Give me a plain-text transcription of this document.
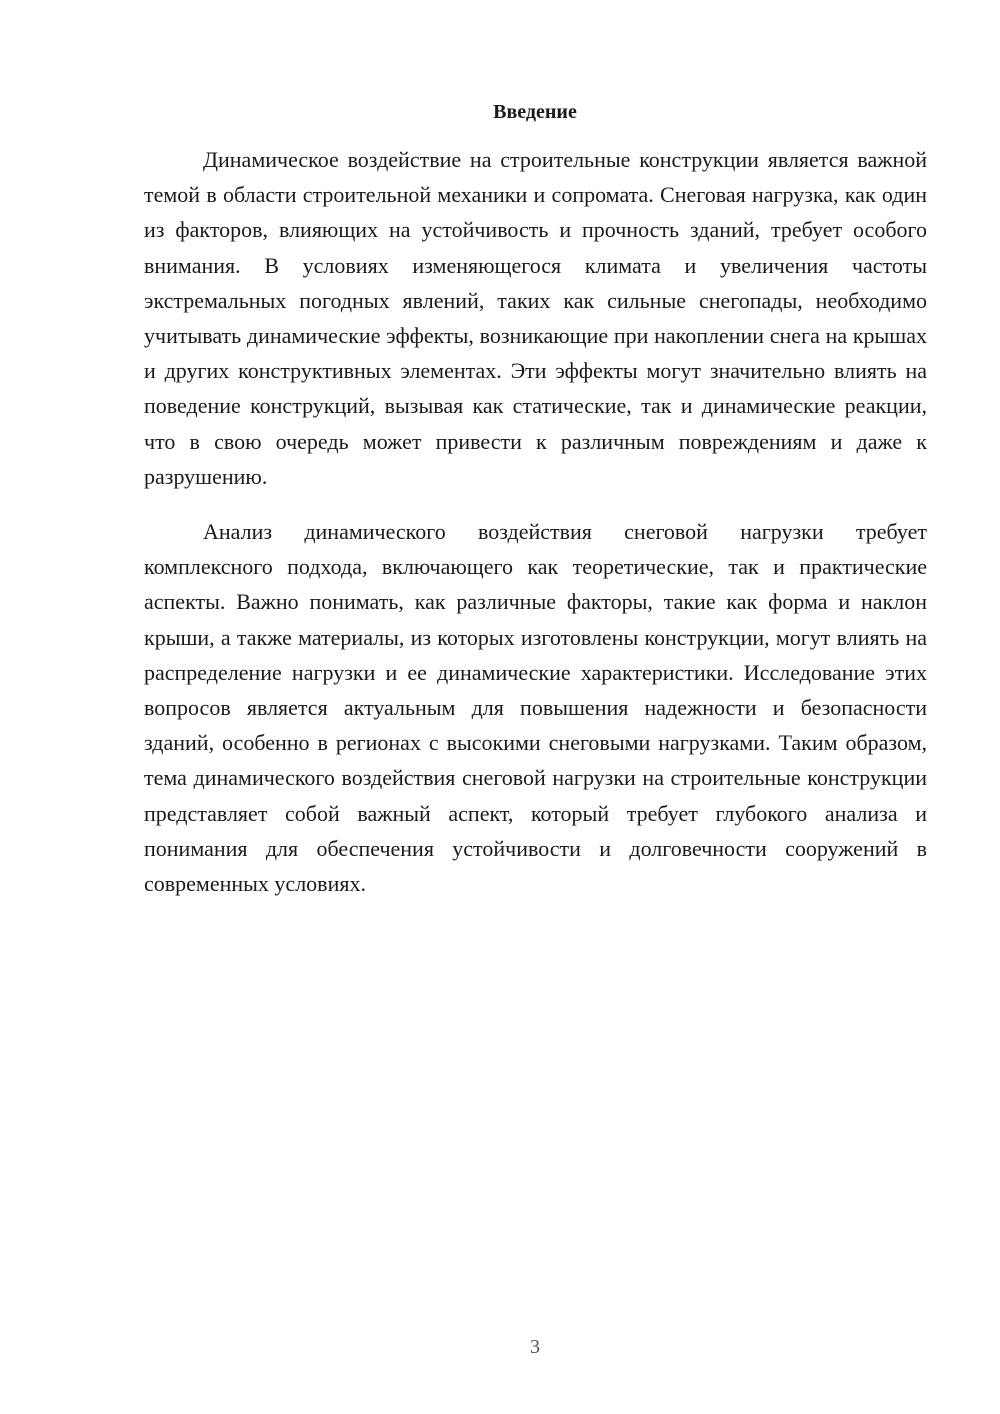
Введение

Динамическое воздействие на строительные конструкции является важной темой в области строительной механики и сопромата. Снеговая нагрузка, как один из факторов, влияющих на устойчивость и прочность зданий, требует особого внимания. В условиях изменяющегося климата и увеличения частоты экстремальных погодных явлений, таких как сильные снегопады, необходимо учитывать динамические эффекты, возникающие при накоплении снега на крышах и других конструктивных элементах. Эти эффекты могут значительно влиять на поведение конструкций, вызывая как статические, так и динамические реакции, что в свою очередь может привести к различным повреждениям и даже к разрушению.

Анализ динамического воздействия снеговой нагрузки требует комплексного подхода, включающего как теоретические, так и практические аспекты. Важно понимать, как различные факторы, такие как форма и наклон крыши, а также материалы, из которых изготовлены конструкции, могут влиять на распределение нагрузки и ее динамические характеристики. Исследование этих вопросов является актуальным для повышения надежности и безопасности зданий, особенно в регионах с высокими снеговыми нагрузками. Таким образом, тема динамического воздействия снеговой нагрузки на строительные конструкции представляет собой важный аспект, который требует глубокого анализа и понимания для обеспечения устойчивости и долговечности сооружений в современных условиях.

3
